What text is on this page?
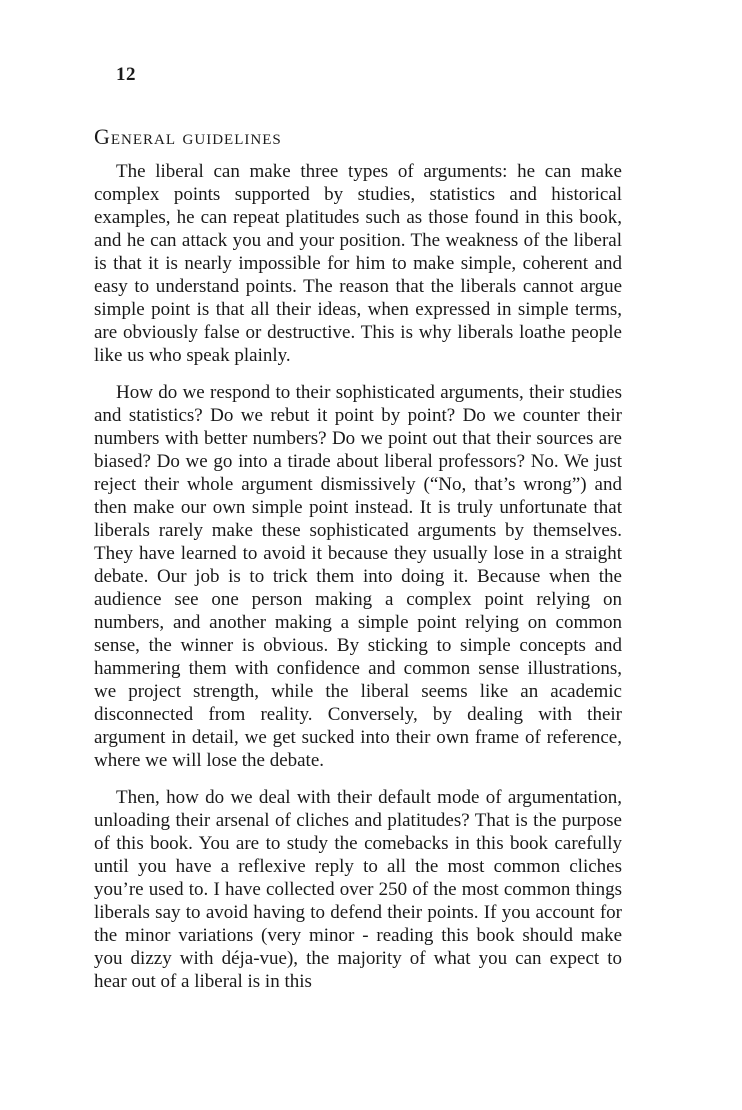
12

General guidelines

The liberal can make three types of arguments: he can make complex points supported by studies, statistics and historical examples, he can repeat platitudes such as those found in this book, and he can attack you and your position. The weakness of the liberal is that it is nearly impossible for him to make simple, coherent and easy to understand points. The reason that the liberals cannot argue simple point is that all their ideas, when expressed in simple terms, are obviously false or destructive. This is why liberals loathe people like us who speak plainly.

How do we respond to their sophisticated arguments, their studies and statistics? Do we rebut it point by point? Do we counter their numbers with better numbers? Do we point out that their sources are biased? Do we go into a tirade about liberal professors? No. We just reject their whole argument dismissively (“No, that’s wrong”) and then make our own simple point instead. It is truly unfortunate that liberals rarely make these sophisticated arguments by themselves. They have learned to avoid it because they usually lose in a straight debate. Our job is to trick them into doing it. Because when the audience see one person making a complex point relying on numbers, and another making a simple point relying on common sense, the winner is obvious. By sticking to simple concepts and hammering them with confidence and common sense illustrations, we project strength, while the liberal seems like an academic disconnected from reality. Conversely, by dealing with their argument in detail, we get sucked into their own frame of reference, where we will lose the debate.

Then, how do we deal with their default mode of argumentation, unloading their arsenal of cliches and platitudes? That is the purpose of this book. You are to study the comebacks in this book carefully until you have a reflexive reply to all the most common cliches you’re used to. I have collected over 250 of the most common things liberals say to avoid having to defend their points. If you account for the minor variations (very minor - reading this book should make you dizzy with déja-vue), the majority of what you can expect to hear out of a liberal is in this
